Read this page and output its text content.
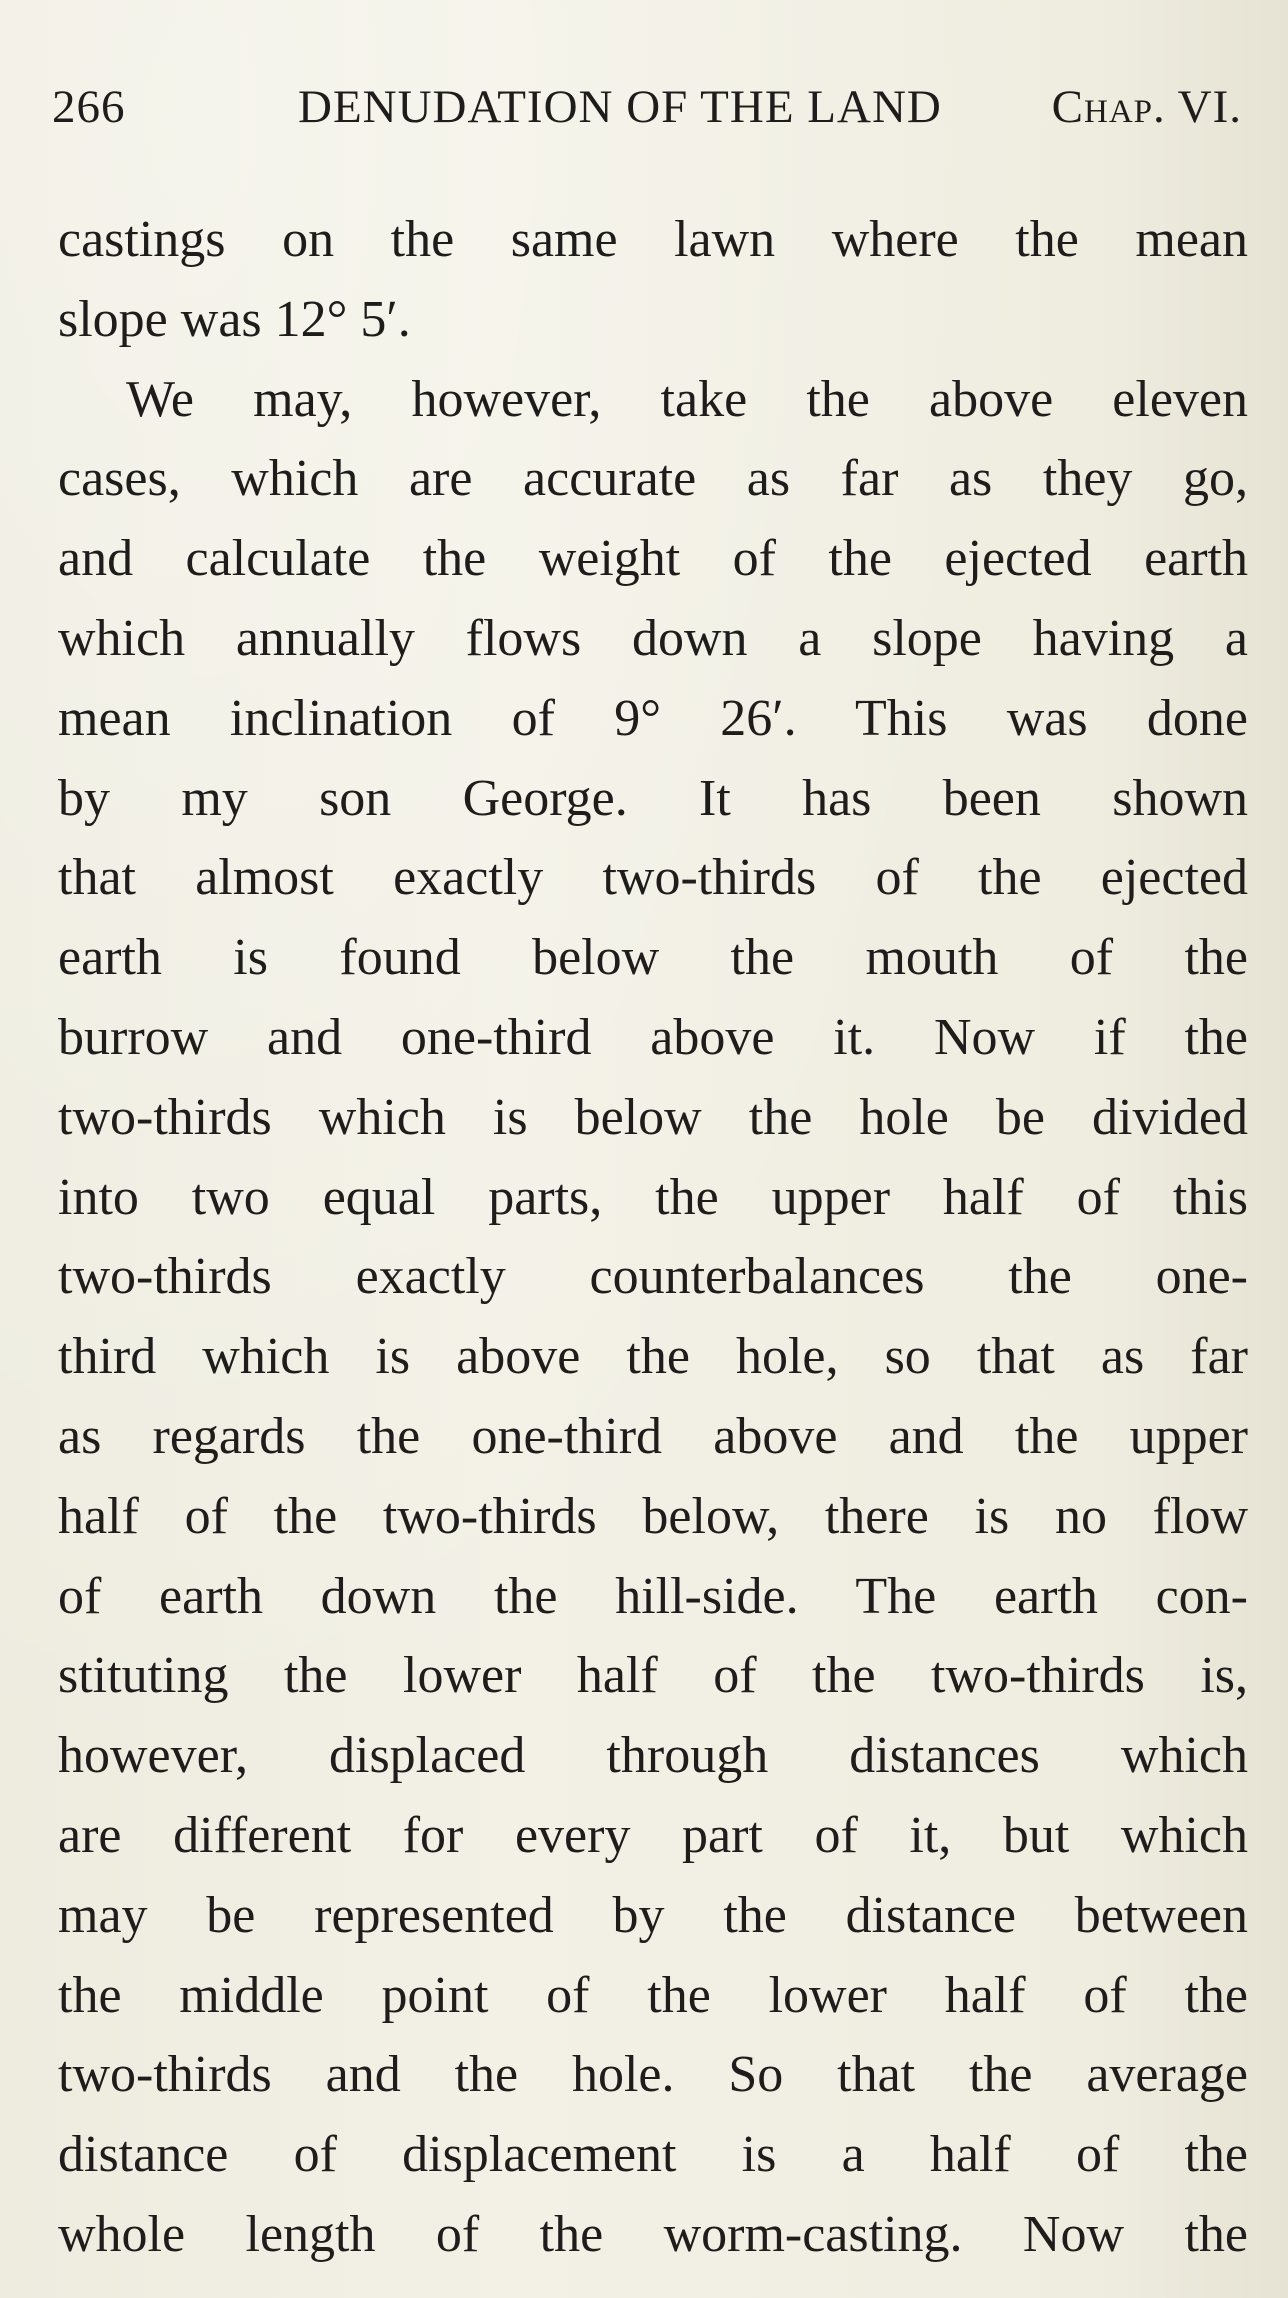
266	DENUDATION OF THE LAND Chap. VI.
castings on the same lawn where the mean
slope was 12° 5′.
We may, however, take the above eleven
cases, which are accurate as far as they go,
and calculate the weight of the ejected earth
which annually flows down a slope having a
mean inclination of 9° 26′. This was done
by my son George. It has been shown
that almost exactly two-thirds of the ejected
earth is found below the mouth of the
burrow and one-third above it. Now if the
two-thirds which is below the hole be divided
into two equal parts, the upper half of this
two-thirds exactly counterbalances the one-
third which is above the hole, so that as far
as regards the one-third above and the upper
half of the two-thirds below, there is no flow
of earth down the hill-side. The earth con-
stituting the lower half of the two-thirds is,
however, displaced through distances which
are different for every part of it, but which
may be represented by the distance between
the middle point of the lower half of the
two-thirds and the hole. So that the average
distance of displacement is a half of the
whole length of the worm-casting. Now the
